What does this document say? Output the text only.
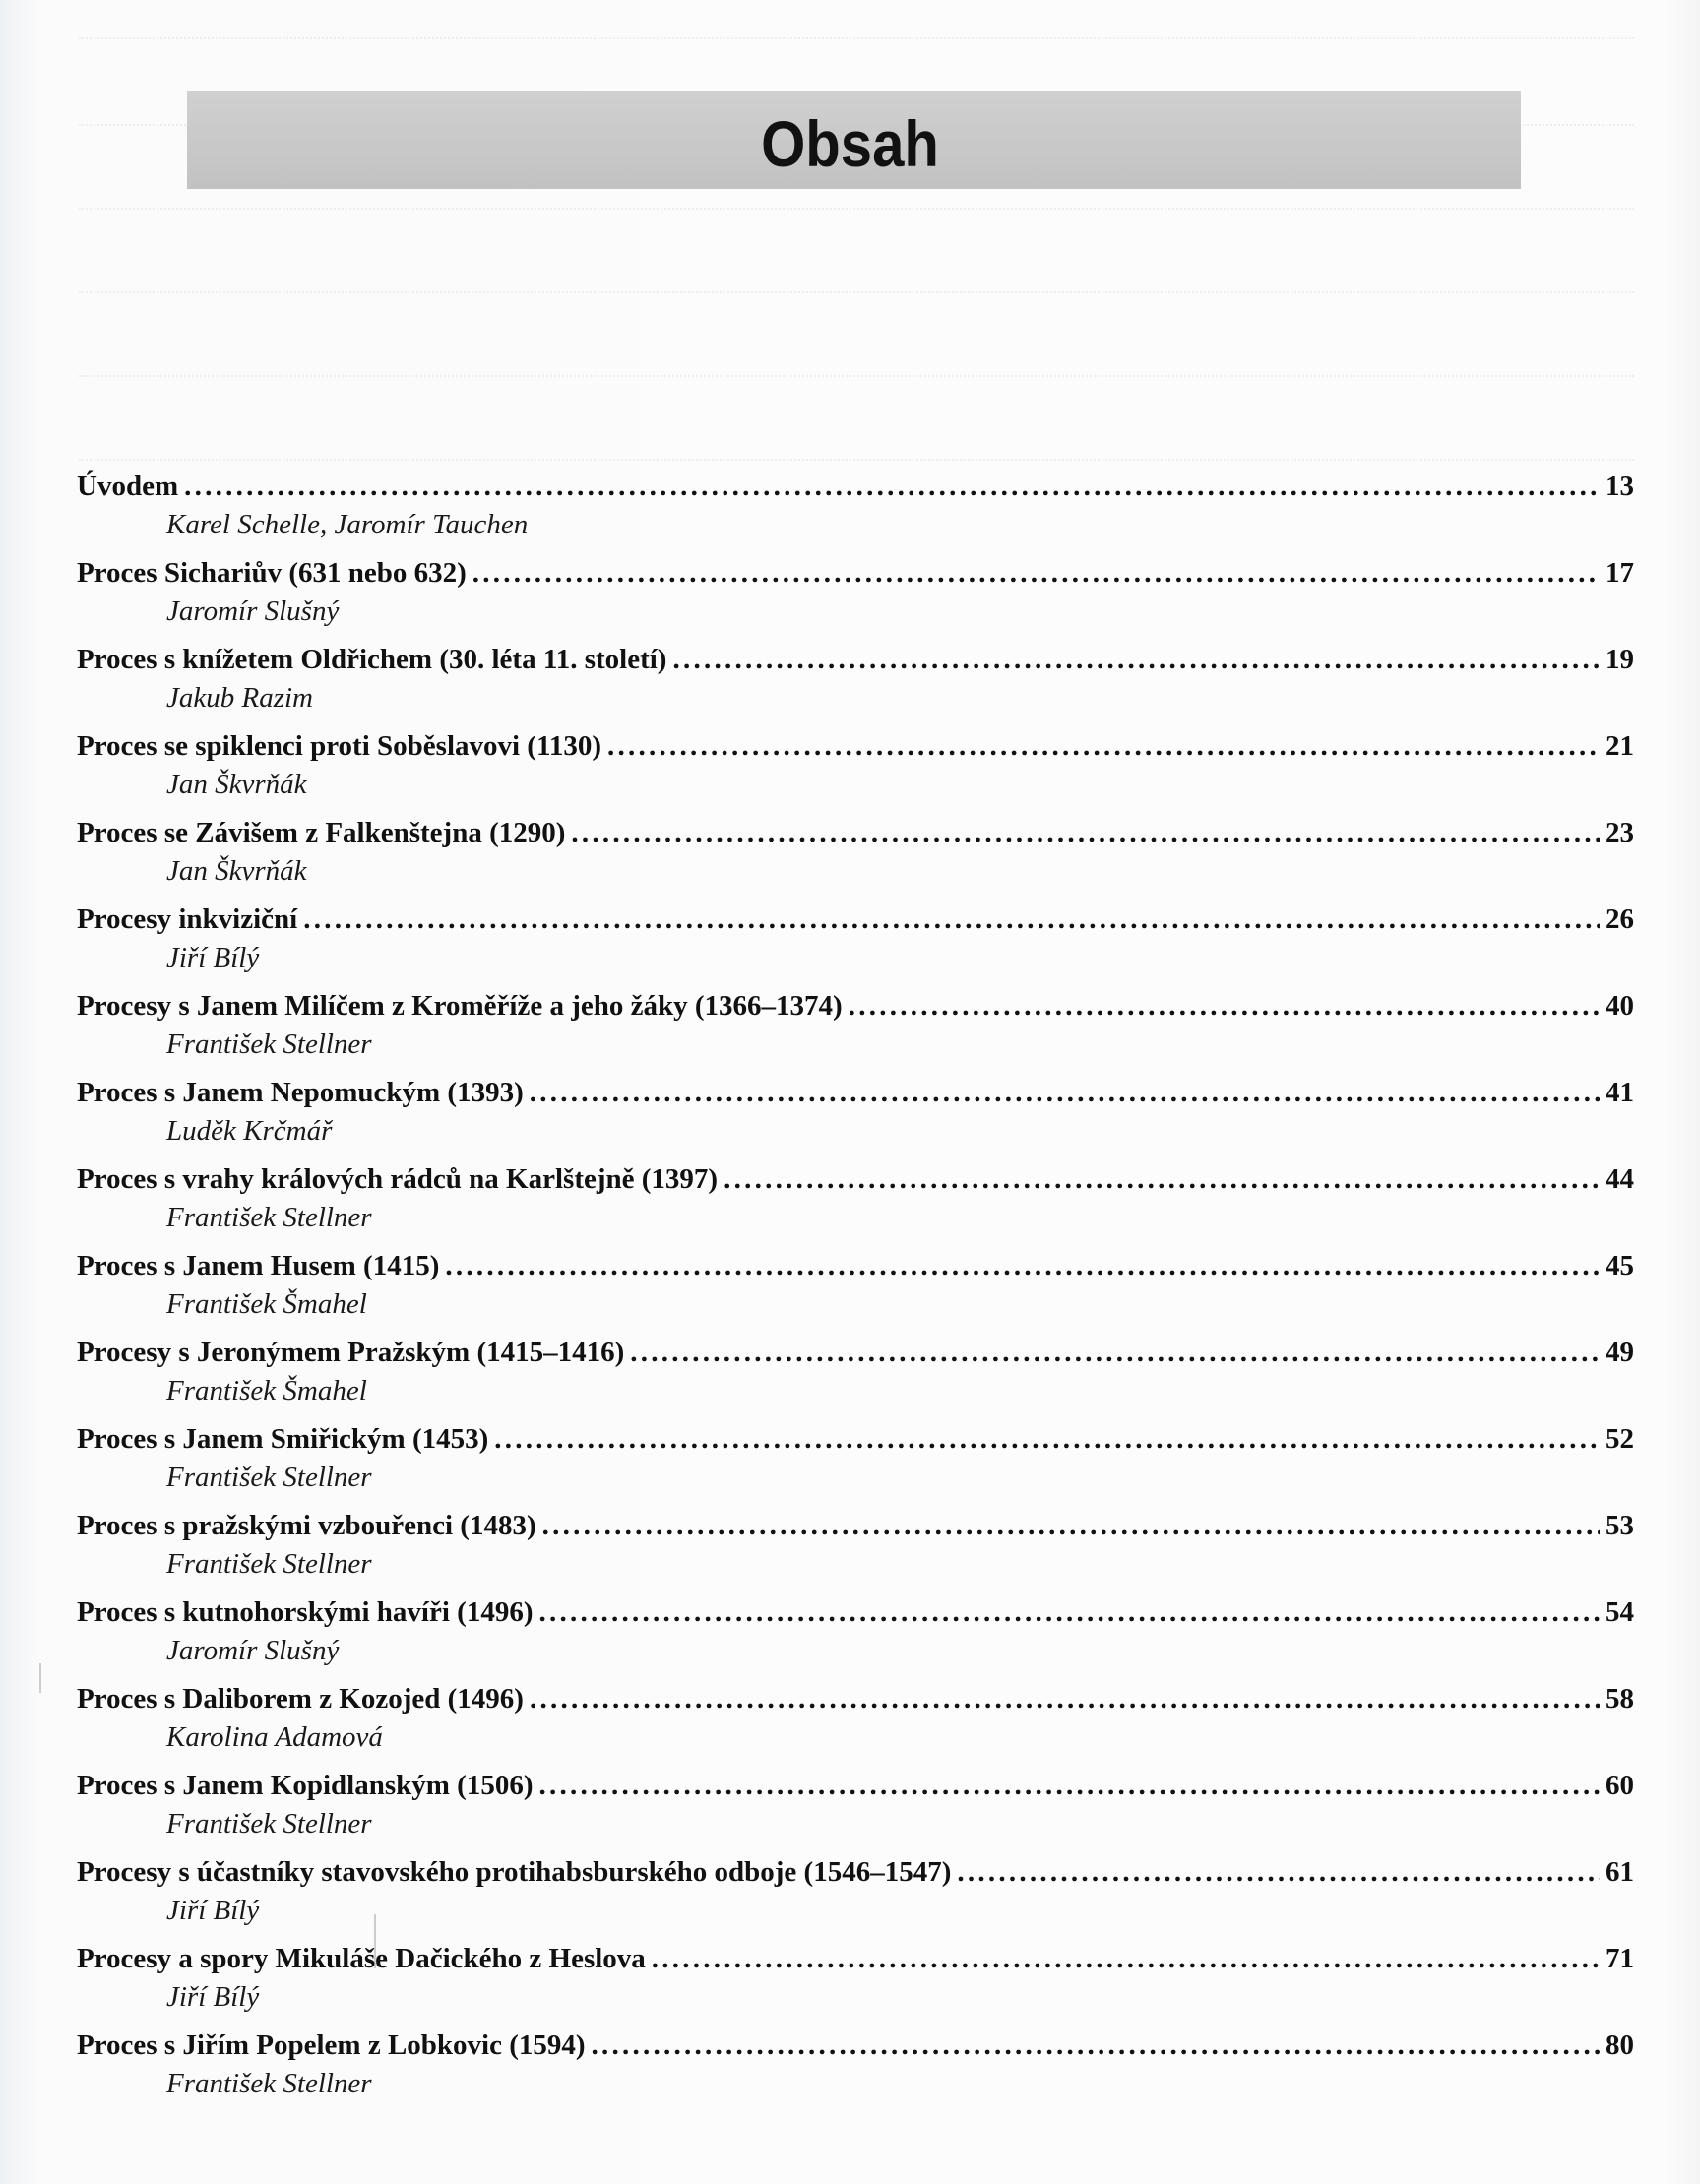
Obsah
Úvodem . . .	13
Karel Schelle, Jaromír Tauchen
Proces Sichariův (631 nebo 632) . . .	17
Jaromír Slušný
Proces s knížetem Oldřichem (30. léta 11. století) . . .	19
Jakub Razim
Proces se spiklenci proti Soběslavovi (1130) . . .	21
Jan Škvrňák
Proces se Závišem z Falkenštejna (1290) . . .	23
Jan Škvrňák
Procesy inkviziční . . .	26
Jiří Bílý
Procesy s Janem Milíčem z Kroměříže a jeho žáky (1366–1374) . . .	40
František Stellner
Proces s Janem Nepomuckým (1393) . . .	41
Luděk Krčmář
Proces s vrahy králových rádců na Karlštejně (1397) . . .	44
František Stellner
Proces s Janem Husem (1415) . . .	45
František Šmahel
Procesy s Jeronýmem Pražským (1415–1416) . . .	49
František Šmahel
Proces s Janem Smiřickým (1453) . . .	52
František Stellner
Proces s pražskými vzbouřenci (1483) . . .	53
František Stellner
Proces s kutnohorskými havíři (1496) . . .	54
Jaromír Slušný
Proces s Daliborem z Kozojed (1496) . . .	58
Karolina Adamová
Proces s Janem Kopidlanským (1506) . . .	60
František Stellner
Procesy s účastníky stavovského protihabsburského odboje (1546–1547) . . .	61
Jiří Bílý
Procesy a spory Mikuláše Dačického z Heslova . . .	71
Jiří Bílý
Proces s Jiřím Popelem z Lobkovic (1594) . . .	80
František Stellner
